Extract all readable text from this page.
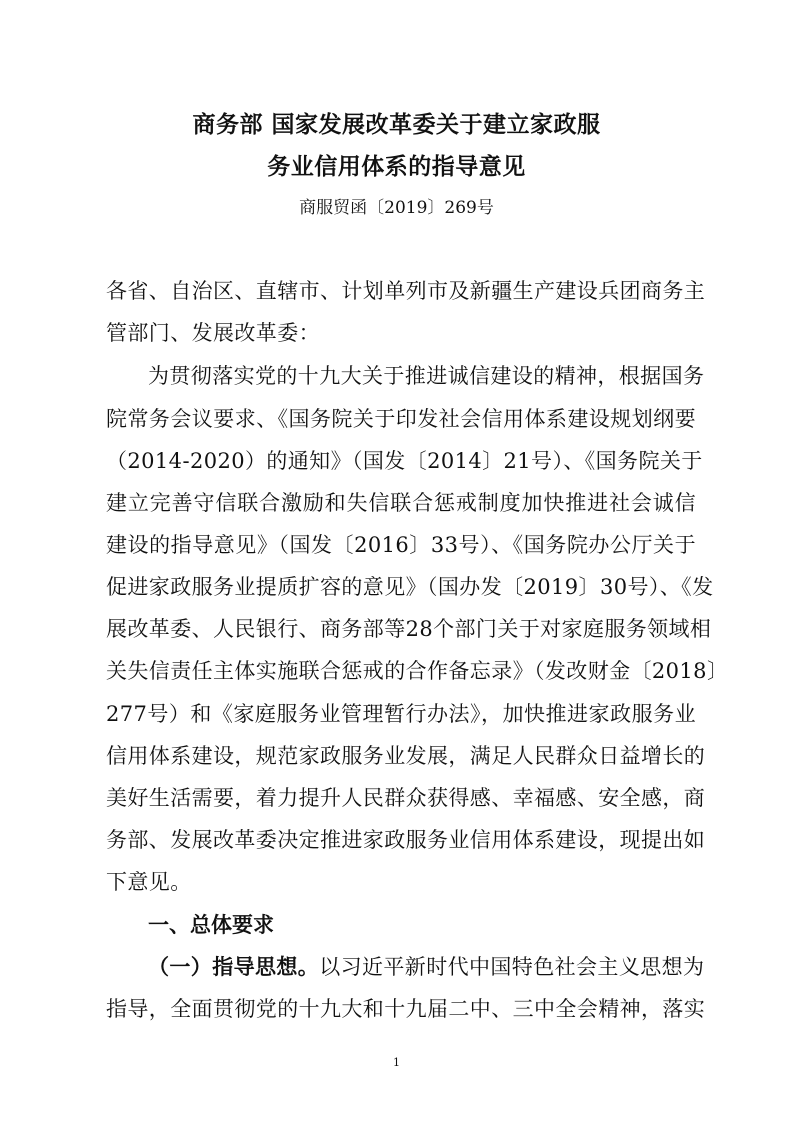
商务部 国家发展改革委关于建立家政服
务业信用体系的指导意见
商服贸函〔2019〕269号
各省、自治区、直辖市、计划单列市及新疆生产建设兵团商务主
管部门、发展改革委：
为贯彻落实党的十九大关于推进诚信建设的精神，根据国务
院常务会议要求、《国务院关于印发社会信用体系建设规划纲要
（2014-2020）的通知》（国发〔2014〕21号）、《国务院关于
建立完善守信联合激励和失信联合惩戒制度加快推进社会诚信
建设的指导意见》（国发〔2016〕33号）、《国务院办公厅关于
促进家政服务业提质扩容的意见》（国办发〔2019〕30号）、《发
展改革委、人民银行、商务部等28个部门关于对家庭服务领域相
关失信责任主体实施联合惩戒的合作备忘录》（发改财金〔2018〕
277号）和《家庭服务业管理暂行办法》，加快推进家政服务业
信用体系建设，规范家政服务业发展，满足人民群众日益增长的
美好生活需要，着力提升人民群众获得感、幸福感、安全感，商
务部、发展改革委决定推进家政服务业信用体系建设，现提出如
下意见。
一、总体要求
（一）指导思想。以习近平新时代中国特色社会主义思想为
指导，全面贯彻党的十九大和十九届二中、三中全会精神，落实
1
